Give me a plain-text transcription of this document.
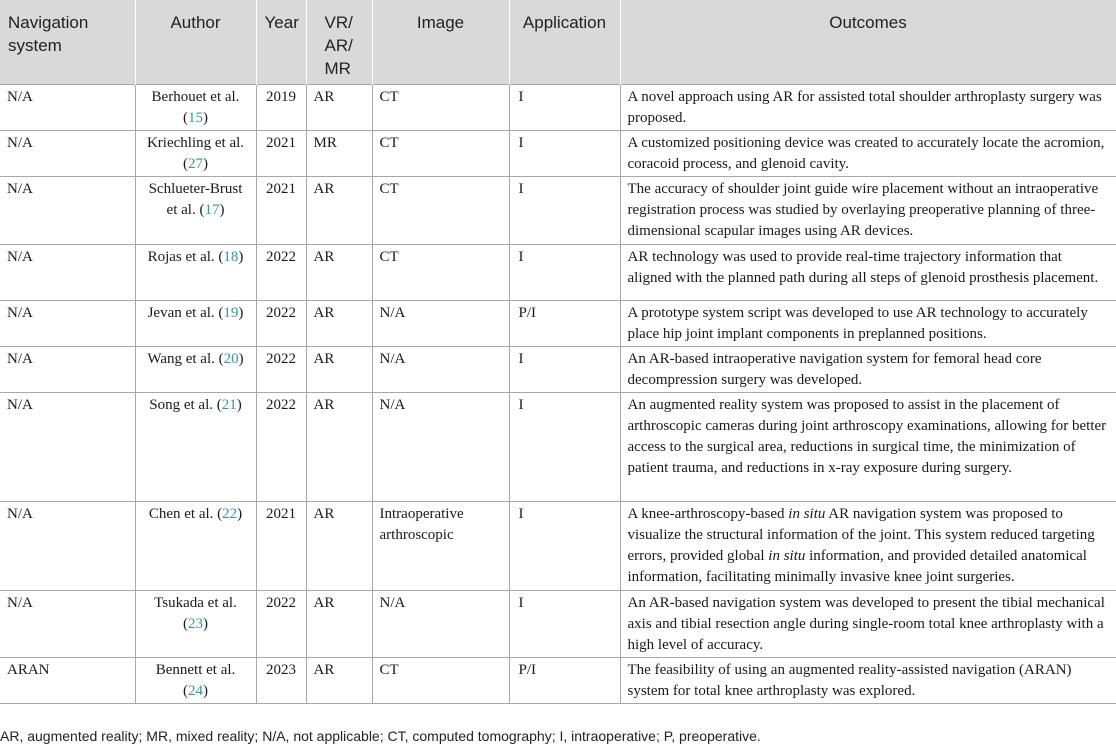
Navigation system	Author	Year	VR/ AR/ MR	Image	Application	Outcomes
N/A	Berhouet et al. (15)	2019	AR	CT	I	A novel approach using AR for assisted total shoulder arthroplasty surgery was proposed.
N/A	Kriechling et al. (27)	2021	MR	CT	I	A customized positioning device was created to accurately locate the acromion, coracoid process, and glenoid cavity.
N/A	Schlueter-Brust et al. (17)	2021	AR	CT	I	The accuracy of shoulder joint guide wire placement without an intraoperative registration process was studied by overlaying preoperative planning of three-dimensional scapular images using AR devices.
N/A	Rojas et al. (18)	2022	AR	CT	I	AR technology was used to provide real-time trajectory information that aligned with the planned path during all steps of glenoid prosthesis placement.
N/A	Jevan et al. (19)	2022	AR	N/A	P/I	A prototype system script was developed to use AR technology to accurately place hip joint implant components in preplanned positions.
N/A	Wang et al. (20)	2022	AR	N/A	I	An AR-based intraoperative navigation system for femoral head core decompression surgery was developed.
N/A	Song et al. (21)	2022	AR	N/A	I	An augmented reality system was proposed to assist in the placement of arthroscopic cameras during joint arthroscopy examinations, allowing for better access to the surgical area, reductions in surgical time, the minimization of patient trauma, and reductions in x-ray exposure during surgery.
N/A	Chen et al. (22)	2021	AR	Intraoperative arthroscopic	I	A knee-arthroscopy-based in situ AR navigation system was proposed to visualize the structural information of the joint. This system reduced targeting errors, provided global in situ information, and provided detailed anatomical information, facilitating minimally invasive knee joint surgeries.
N/A	Tsukada et al. (23)	2022	AR	N/A	I	An AR-based navigation system was developed to present the tibial mechanical axis and tibial resection angle during single-room total knee arthroplasty with a high level of accuracy.
ARAN	Bennett et al. (24)	2023	AR	CT	P/I	The feasibility of using an augmented reality-assisted navigation (ARAN) system for total knee arthroplasty was explored.
AR, augmented reality; MR, mixed reality; N/A, not applicable; CT, computed tomography; I, intraoperative; P, preoperative.
